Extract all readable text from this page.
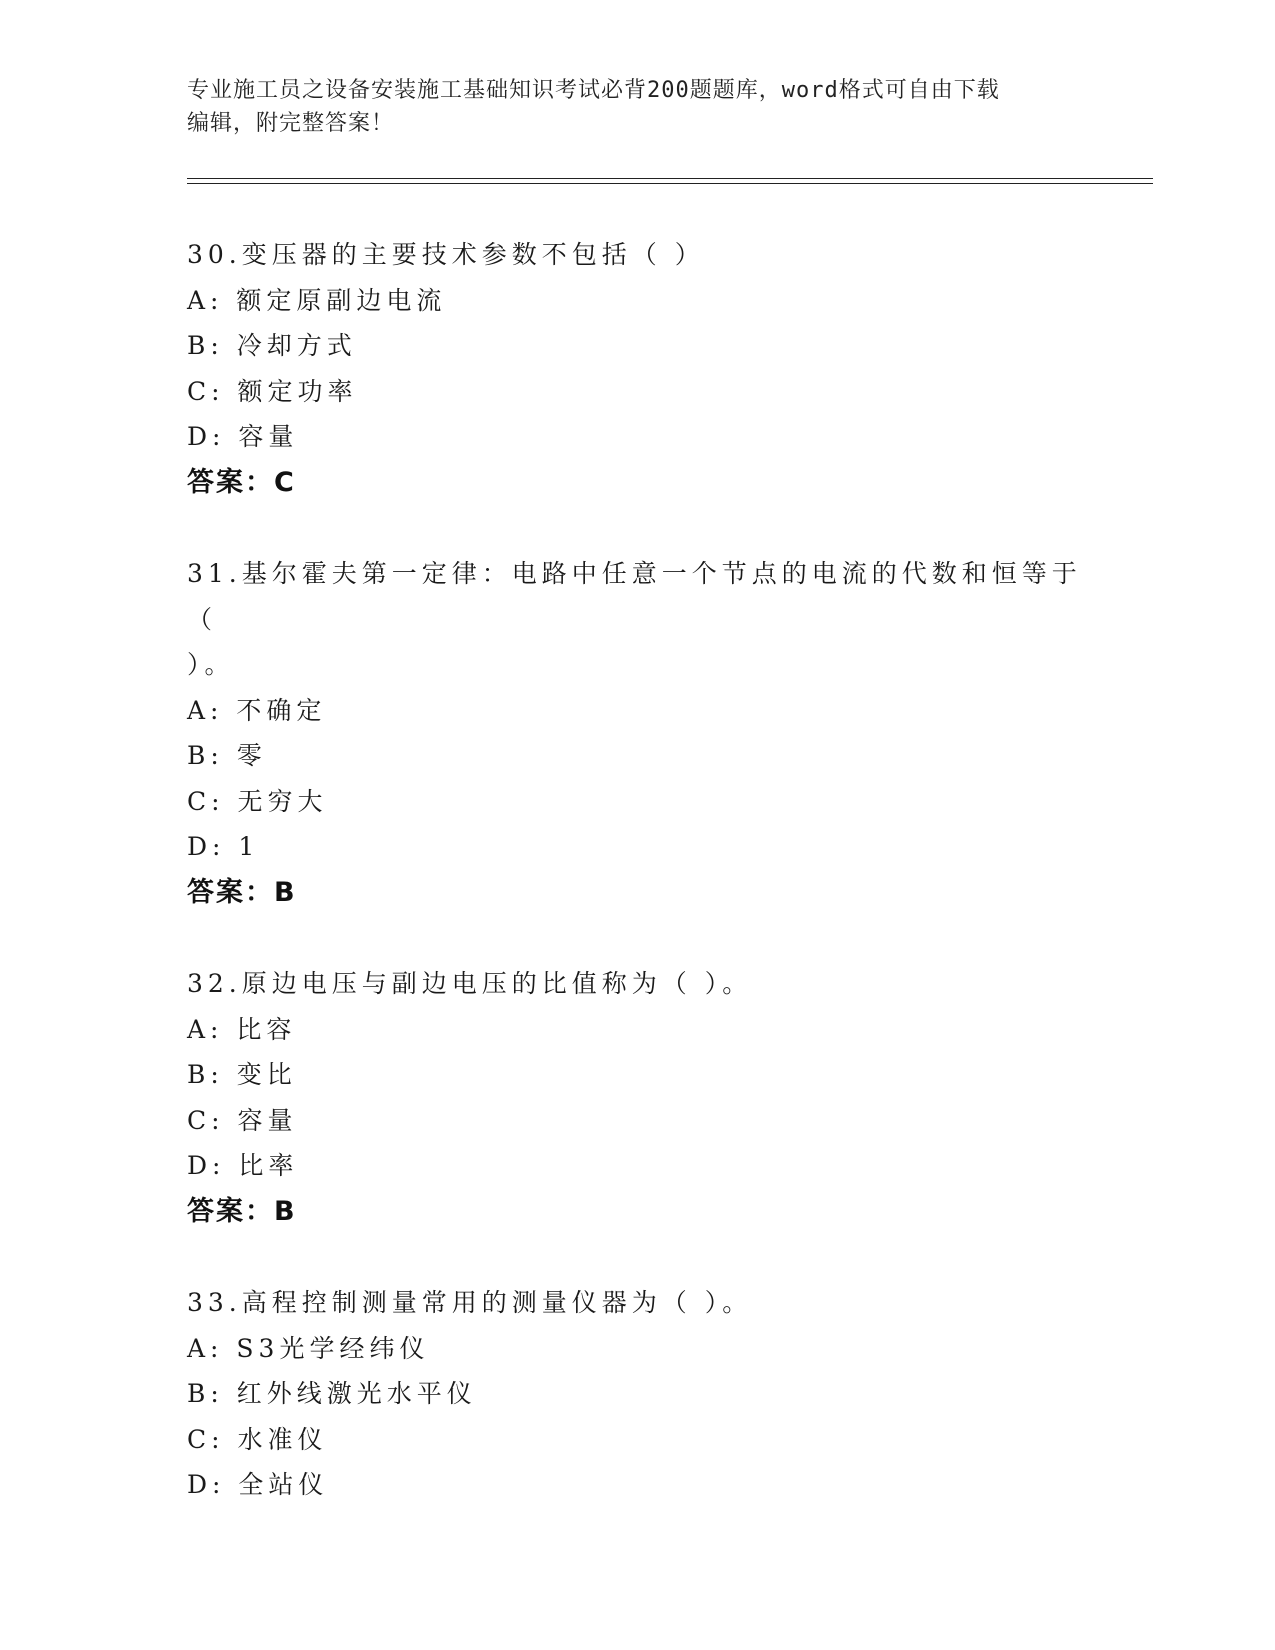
专业施工员之设备安装施工基础知识考试必背200题题库，word格式可自由下载
编辑，附完整答案！
30.变压器的主要技术参数不包括（ ）
A: 额定原副边电流
B: 冷却方式
C: 额定功率
D: 容量
答案：C
31.基尔霍夫第一定律：电路中任意一个节点的电流的代数和恒等于（
）。
A: 不确定
B: 零
C: 无穷大
D: 1
答案：B
32.原边电压与副边电压的比值称为（ ）。
A: 比容
B: 变比
C: 容量
D: 比率
答案：B
33.高程控制测量常用的测量仪器为（ ）。
A: S3光学经纬仪
B: 红外线激光水平仪
C: 水准仪
D: 全站仪
